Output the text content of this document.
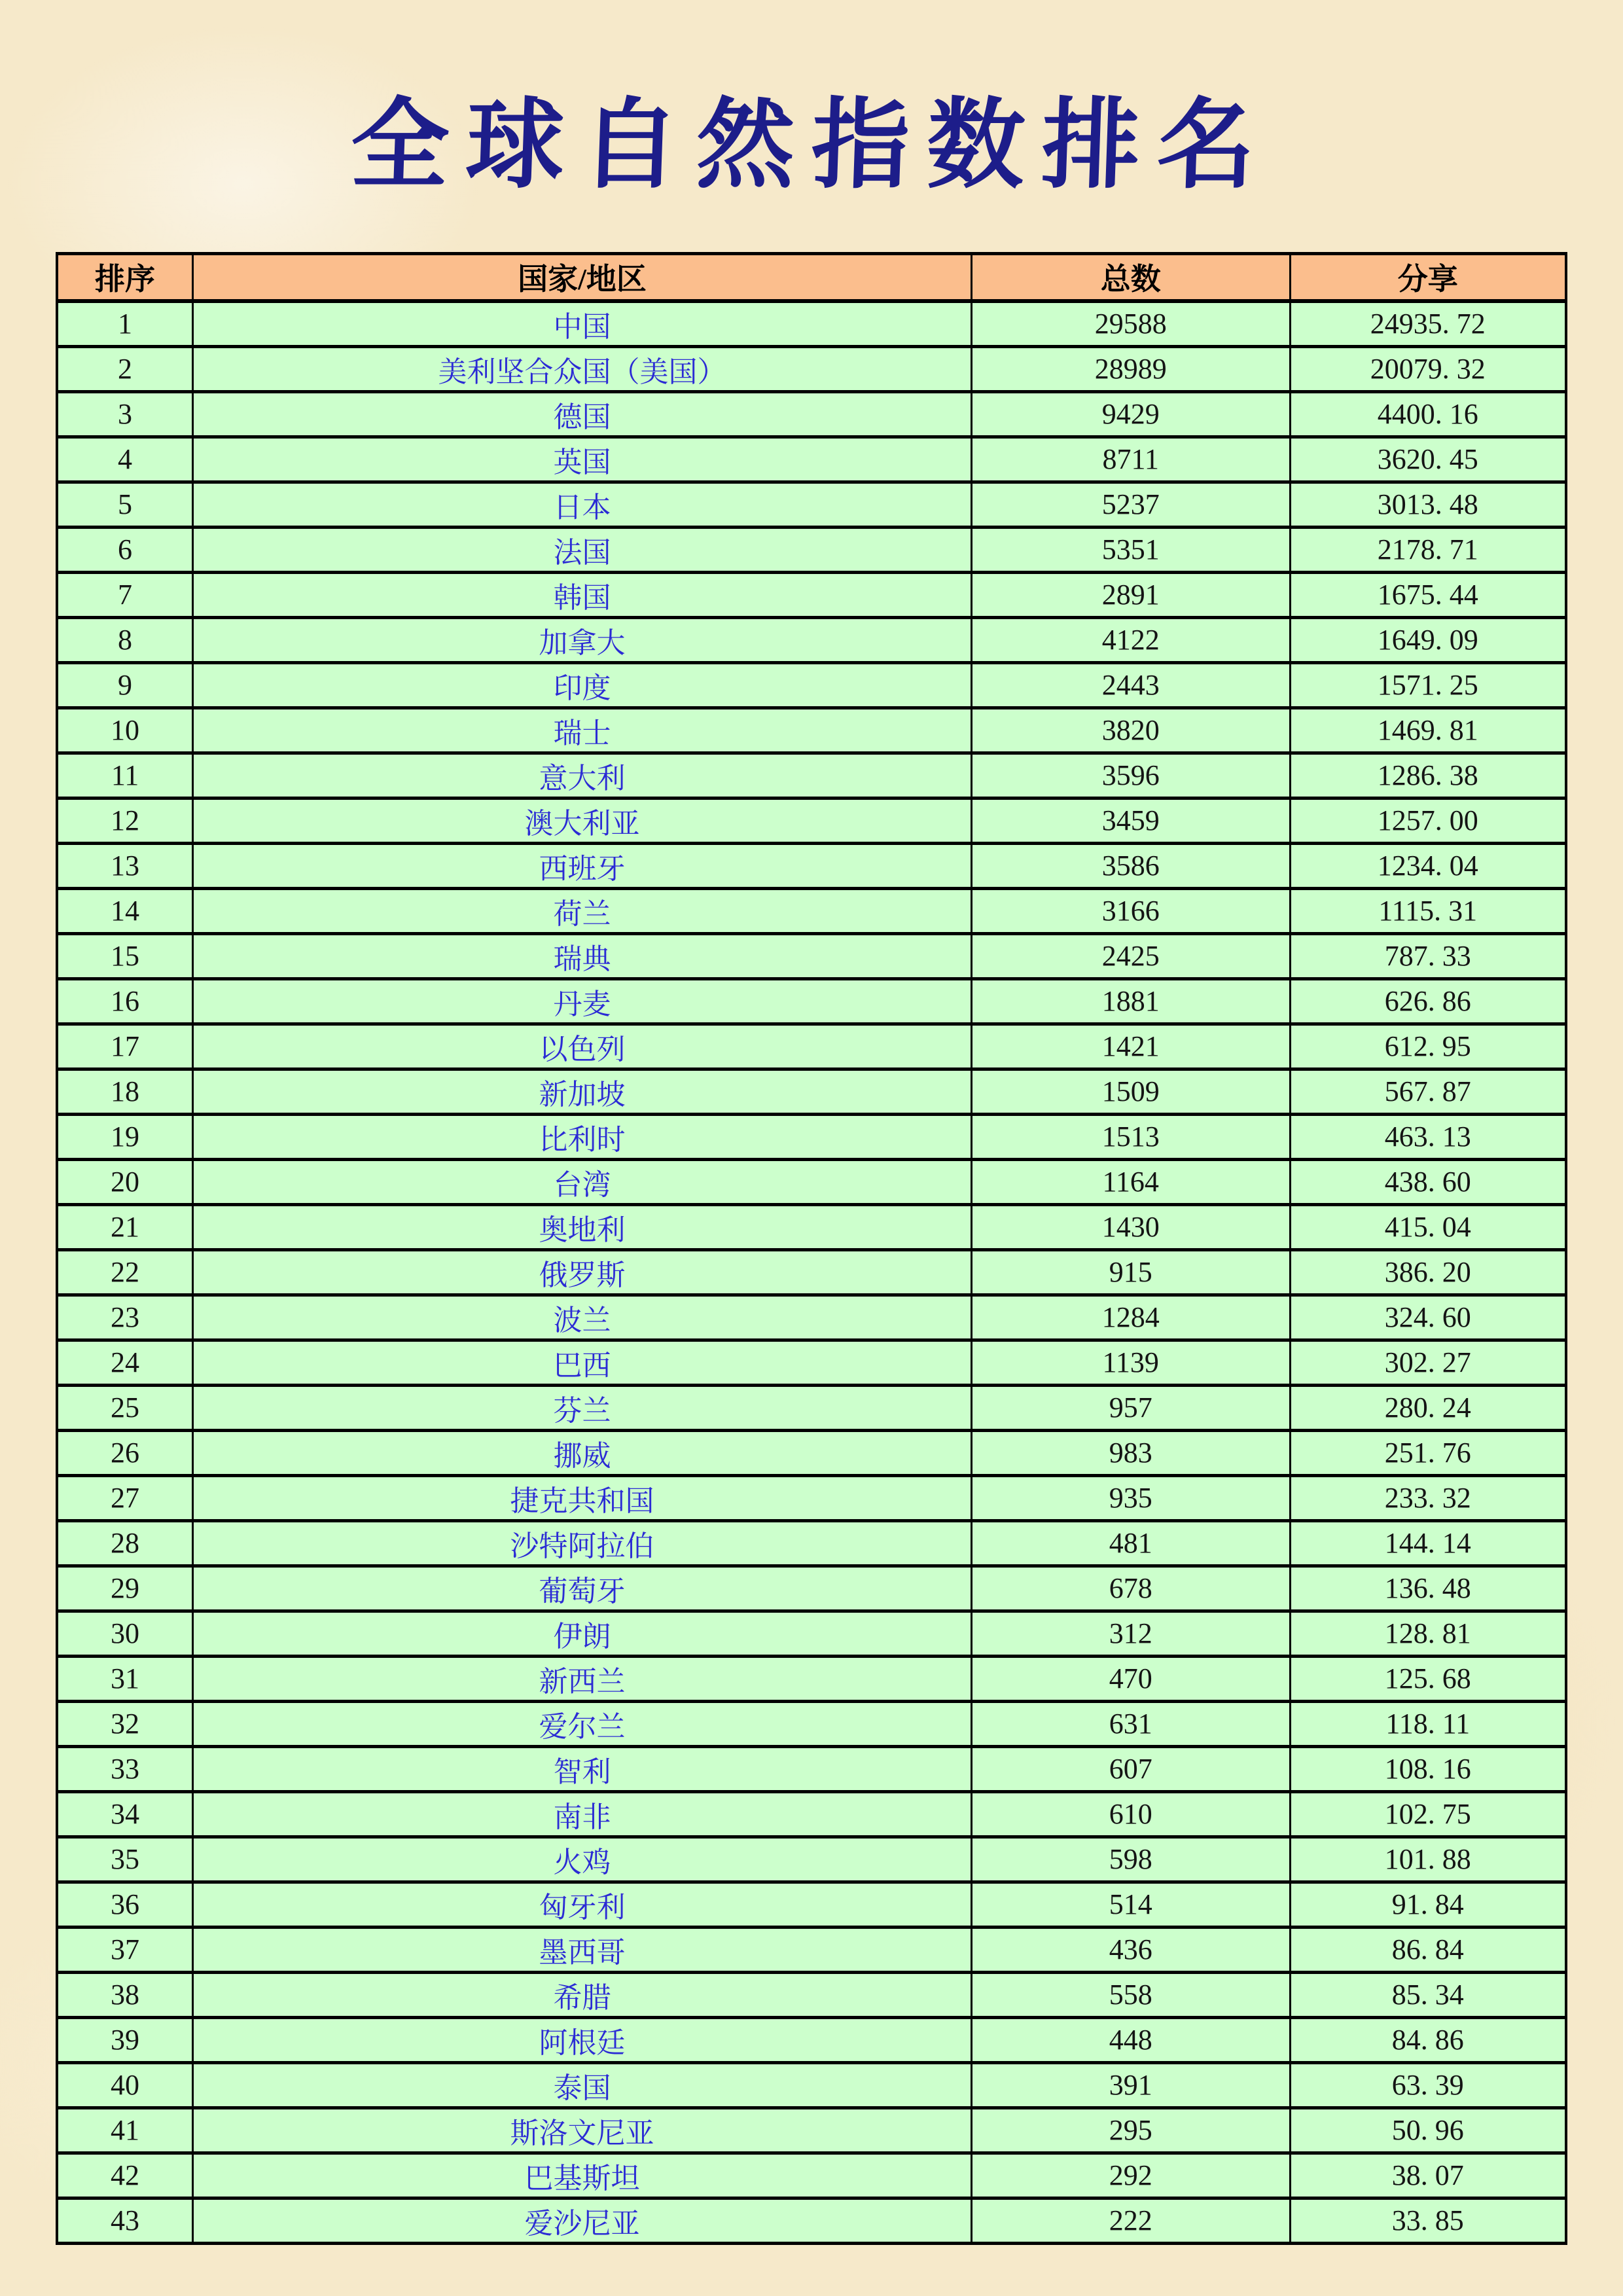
全球自然指数排名
排序	国家/地区	总数	分享
1	中国	29588	24935. 72
2	美利坚合众国（美国）	28989	20079. 32
3	德国	9429	4400. 16
4	英国	8711	3620. 45
5	日本	5237	3013. 48
6	法国	5351	2178. 71
7	韩国	2891	1675. 44
8	加拿大	4122	1649. 09
9	印度	2443	1571. 25
10	瑞士	3820	1469. 81
11	意大利	3596	1286. 38
12	澳大利亚	3459	1257. 00
13	西班牙	3586	1234. 04
14	荷兰	3166	1115. 31
15	瑞典	2425	787. 33
16	丹麦	1881	626. 86
17	以色列	1421	612. 95
18	新加坡	1509	567. 87
19	比利时	1513	463. 13
20	台湾	1164	438. 60
21	奥地利	1430	415. 04
22	俄罗斯	915	386. 20
23	波兰	1284	324. 60
24	巴西	1139	302. 27
25	芬兰	957	280. 24
26	挪威	983	251. 76
27	捷克共和国	935	233. 32
28	沙特阿拉伯	481	144. 14
29	葡萄牙	678	136. 48
30	伊朗	312	128. 81
31	新西兰	470	125. 68
32	爱尔兰	631	118. 11
33	智利	607	108. 16
34	南非	610	102. 75
35	火鸡	598	101. 88
36	匈牙利	514	91. 84
37	墨西哥	436	86. 84
38	希腊	558	85. 34
39	阿根廷	448	84. 86
40	泰国	391	63. 39
41	斯洛文尼亚	295	50. 96
42	巴基斯坦	292	38. 07
43	爱沙尼亚	222	33. 85
